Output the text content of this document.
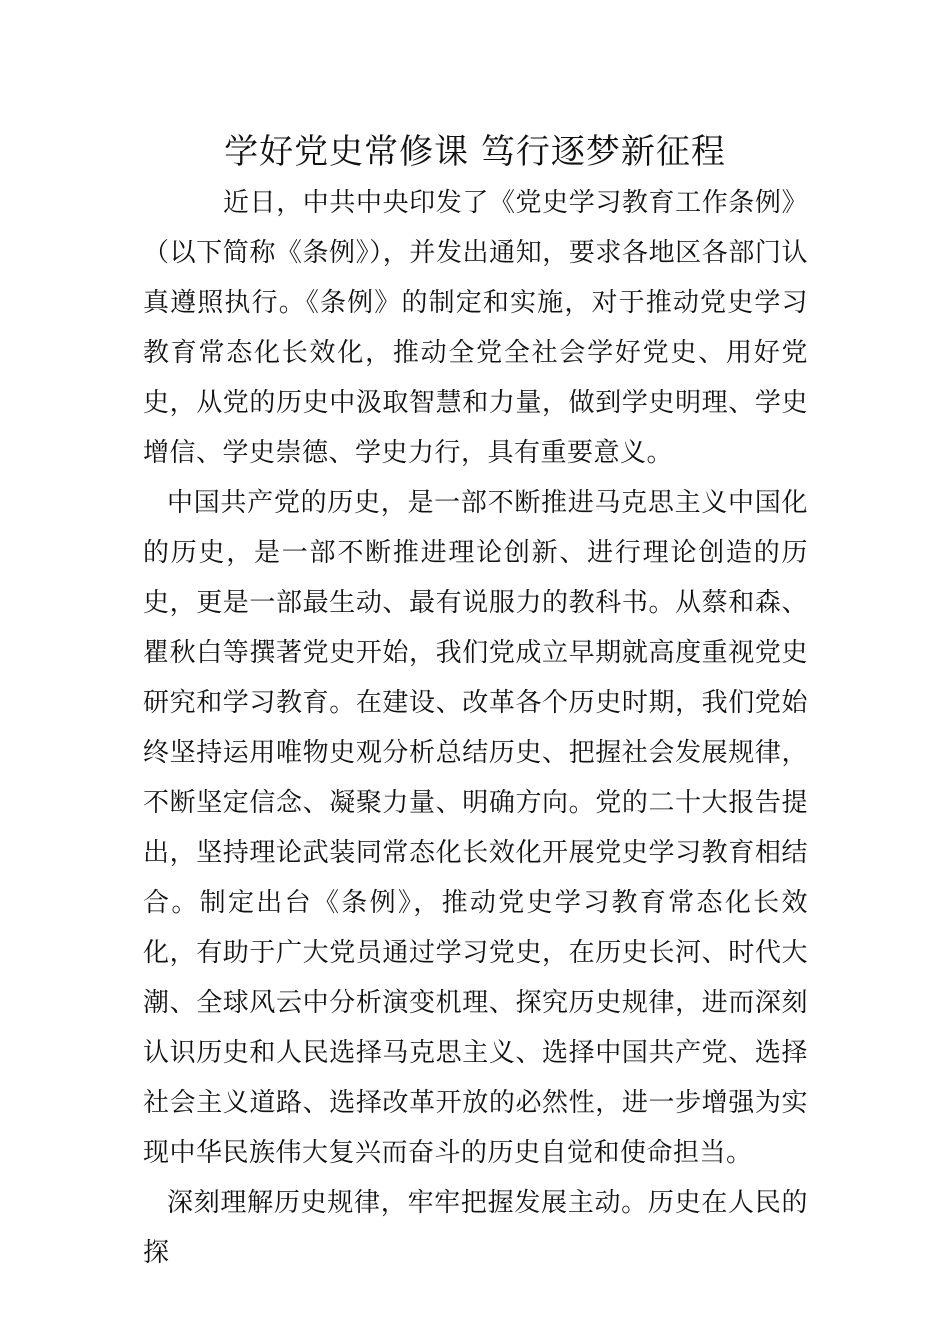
学好党史常修课 笃行逐梦新征程

近日，中共中央印发了《党史学习教育工作条例》（以下简称《条例》），并发出通知，要求各地区各部门认真遵照执行。《条例》的制定和实施，对于推动党史学习教育常态化长效化，推动全党全社会学好党史、用好党史，从党的历史中汲取智慧和力量，做到学史明理、学史增信、学史崇德、学史力行，具有重要意义。

中国共产党的历史，是一部不断推进马克思主义中国化的历史，是一部不断推进理论创新、进行理论创造的历史，更是一部最生动、最有说服力的教科书。从蔡和森、瞿秋白等撰著党史开始，我们党成立早期就高度重视党史研究和学习教育。在建设、改革各个历史时期，我们党始终坚持运用唯物史观分析总结历史、把握社会发展规律，不断坚定信念、凝聚力量、明确方向。党的二十大报告提出，坚持理论武装同常态化长效化开展党史学习教育相结合。制定出台《条例》，推动党史学习教育常态化长效化，有助于广大党员通过学习党史，在历史长河、时代大潮、全球风云中分析演变机理、探究历史规律，进而深刻认识历史和人民选择马克思主义、选择中国共产党、选择社会主义道路、选择改革开放的必然性，进一步增强为实现中华民族伟大复兴而奋斗的历史自觉和使命担当。

深刻理解历史规律，牢牢把握发展主动。历史在人民的探
